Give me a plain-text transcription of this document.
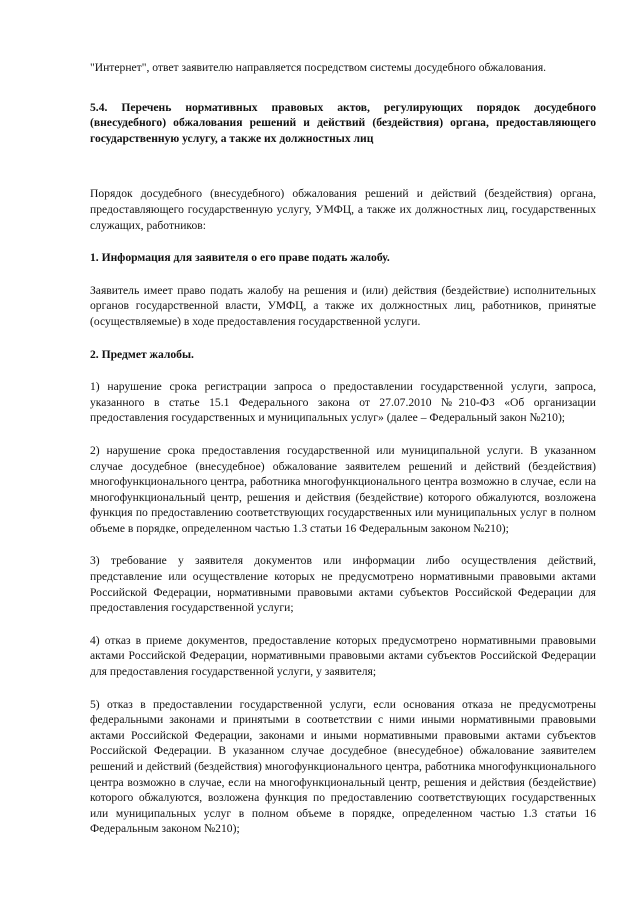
"Интернет", ответ заявителю направляется посредством системы досудебного обжалования.

5.4. Перечень нормативных правовых актов, регулирующих порядок досудебного (внесудебного) обжалования решений и действий (бездействия) органа, предоставляющего государственную услугу, а также их должностных лиц

Порядок досудебного (внесудебного) обжалования решений и действий (бездействия) органа, предоставляющего государственную услугу, УМФЦ, а также их должностных лиц, государственных служащих, работников:

1. Информация для заявителя о его праве подать жалобу.

Заявитель имеет право подать жалобу на решения и (или) действия (бездействие) исполнительных органов государственной власти, УМФЦ, а также их должностных лиц, работников, принятые (осуществляемые) в ходе предоставления государственной услуги.

2. Предмет жалобы.

1) нарушение срока регистрации запроса о предоставлении государственной услуги, запроса, указанного в статье 15.1 Федерального закона от 27.07.2010 №210-ФЗ «Об организации предоставления государственных и муниципальных услуг» (далее – Федеральный закон №210);

2) нарушение срока предоставления государственной или муниципальной услуги. В указанном случае досудебное (внесудебное) обжалование заявителем решений и действий (бездействия) многофункционального центра, работника многофункционального центра возможно в случае, если на многофункциональный центр, решения и действия (бездействие) которого обжалуются, возложена функция по предоставлению соответствующих государственных или муниципальных услуг в полном объеме в порядке, определенном частью 1.3 статьи 16 Федеральным законом №210);

3) требование у заявителя документов или информации либо осуществления действий, представление или осуществление которых не предусмотрено нормативными правовыми актами Российской Федерации, нормативными правовыми актами субъектов Российской Федерации для предоставления государственной услуги;

4) отказ в приеме документов, предоставление которых предусмотрено нормативными правовыми актами Российской Федерации, нормативными правовыми актами субъектов Российской Федерации для предоставления государственной услуги, у заявителя;

5) отказ в предоставлении государственной услуги, если основания отказа не предусмотрены федеральными законами и принятыми в соответствии с ними иными нормативными правовыми актами Российской Федерации, законами и иными нормативными правовыми актами субъектов Российской Федерации. В указанном случае досудебное (внесудебное) обжалование заявителем решений и действий (бездействия) многофункционального центра, работника многофункционального центра возможно в случае, если на многофункциональный центр, решения и действия (бездействие) которого обжалуются, возложена функция по предоставлению соответствующих государственных или муниципальных услуг в полном объеме в порядке, определенном частью 1.3 статьи 16 Федеральным законом №210);
